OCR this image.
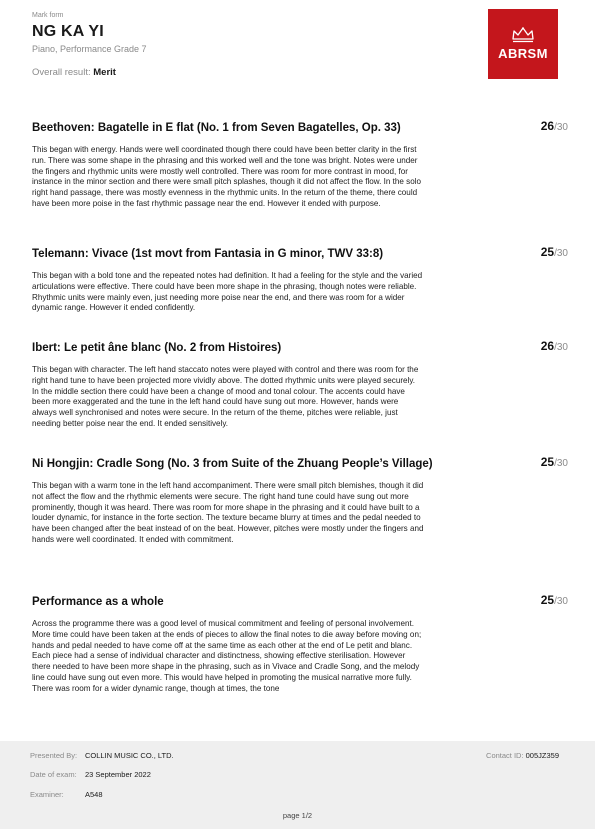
Mark form
NG KA YI
Piano, Performance Grade 7
Overall result: Merit
ABRSM
Beethoven: Bagatelle in E flat (No. 1 from Seven Bagatelles, Op. 33)	26/30
This began with energy. Hands were well coordinated though there could have been better clarity in the first run. There was some shape in the phrasing and this worked well and the tone was bright. Notes were under the fingers and rhythmic units were mostly well controlled. There was room for more contrast in mood, for instance in the minor section and there were small pitch splashes, though it did not affect the flow. In the solo right hand passage, there was mostly evenness in the rhythmic units. In the return of the theme, there could have been more poise in the fast rhythmic passage near the end. However it ended with purpose.
Telemann: Vivace (1st movt from Fantasia in G minor, TWV 33:8)	25/30
This began with a bold tone and the repeated notes had definition. It had a feeling for the style and the varied articulations were effective. There could have been more shape in the phrasing, though notes were reliable. Rhythmic units were mainly even, just needing more poise near the end, and there was room for a wider dynamic range. However it ended confidently.
Ibert: Le petit âne blanc (No. 2 from Histoires)	26/30
This began with character. The left hand staccato notes were played with control and there was room for the right hand tune to have been projected more vividly above. The dotted rhythmic units were played securely. In the middle section there could have been a change of mood and tonal colour. The accents could have been more exaggerated and the tune in the left hand could have sung out more. However, hands were always well synchronised and notes were secure. In the return of the theme, pitches were reliable, just needing better poise near the end. It ended sensitively.
Ni Hongjin: Cradle Song (No. 3 from Suite of the Zhuang People’s Village)	25/30
This began with a warm tone in the left hand accompaniment. There were small pitch blemishes, though it did not affect the flow and the rhythmic elements were secure. The right hand tune could have sung out more prominently, though it was heard. There was room for more shape in the phrasing and it could have built to a louder dynamic, for instance in the forte section. The texture became blurry at times and the pedal needed to have been changed after the beat instead of on the beat. However, pitches were mostly under the fingers and hands were well coordinated. It ended with commitment.
Performance as a whole	25/30
Across the programme there was a good level of musical commitment and feeling of personal involvement. More time could have been taken at the ends of pieces to allow the final notes to die away before moving on; hands and pedal needed to have come off at the same time as each other at the end of Le petit and blanc. Each piece had a sense of individual character and distinctness, showing effective sterilisation. However there needed to have been more shape in the phrasing, such as in Vivace and Cradle Song, and the melody line could have sung out even more. This would have helped in promoting the musical narrative more fully. There was room for a wider dynamic range, though at times, the tone
Presented By: COLLIN MUSIC CO., LTD.	Contact ID: 005JZ359
Date of exam: 23 September 2022
Examiner:	A548
page 1/2
